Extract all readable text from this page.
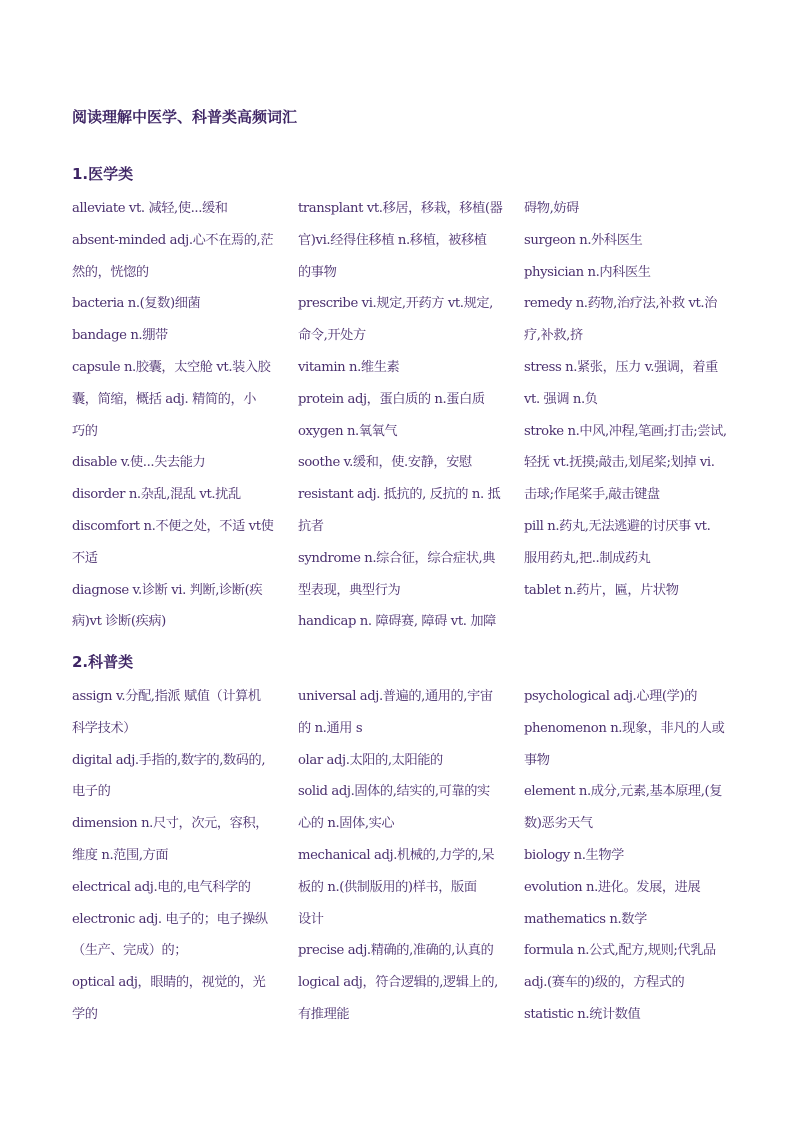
阅读理解中医学、科普类高频词汇
1.医学类
alleviate vt. 减轻,使...缓和
absent-minded adj.心不在焉的,茫
然的，恍惚的
bacteria n.(复数)细菌
bandage n.绷带
capsule n.胶囊，太空舱 vt.装入胶
囊，简缩，概括 adj. 精简的，小
巧的
disable v.使...失去能力
disorder n.杂乱,混乱 vt.扰乱
discomfort n.不便之处，不适 vt使
不适
diagnose v.诊断 vi. 判断,诊断(疾
病)vt 诊断(疾病)
transplant vt.移居，移栽，移植(器
官)vi.经得住移植 n.移植，被移植
的事物
prescribe vi.规定,开药方 vt.规定,
命令,开处方
vitamin n.维生素
protein adj，蛋白质的 n.蛋白质
oxygen n.氧氧气
soothe v.缓和，使.安静，安慰
resistant adj. 抵抗的, 反抗的 n. 抵
抗者
syndrome n.综合征，综合症状,典
型表现，典型行为
handicap n. 障碍赛, 障碍 vt. 加障
碍物,妨碍
surgeon n.外科医生
physician n.内科医生
remedy n.药物,治疗法,补救 vt.治
疗,补救,挤
stress n.紧张，压力 v.强调，着重
vt. 强调 n.负
stroke n.中风,冲程,笔画;打击;尝试,
轻抚 vt.抚摸;敲击,划尾桨;划掉 vi.
击球;作尾桨手,敲击键盘
pill n.药丸,无法逃避的讨厌事 vt.
服用药丸,把..制成药丸
tablet n.药片，匾，片状物
2.科普类
assign v.分配,指派 赋值（计算机
科学技术）
digital adj.手指的,数字的,数码的,
电子的
dimension n.尺寸，次元，容积，
维度 n.范围,方面
electrical adj.电的,电气科学的
electronic adj. 电子的；电子操纵
（生产、完成）的；
optical adj，眼睛的，视觉的，光
学的
universal adj.普遍的,通用的,宇宙
的 n.通用 s
olar adj.太阳的,太阳能的
solid adj.固体的,结实的,可靠的实
心的 n.固体,实心
mechanical adj.机械的,力学的,呆
板的 n.(供制版用的)样书，版面
设计
precise adj.精确的,准确的,认真的
logical adj，符合逻辑的,逻辑上的,
有推理能
psychological adj.心理(学)的
phenomenon n.现象，非凡的人或
事物
element n.成分,元素,基本原理,(复
数)恶劣天气
biology n.生物学
evolution n.进化。发展，进展
mathematics n.数学
formula n.公式,配方,规则;代乳品
adj.(赛车的)级的，方程式的
statistic n.统计数值
